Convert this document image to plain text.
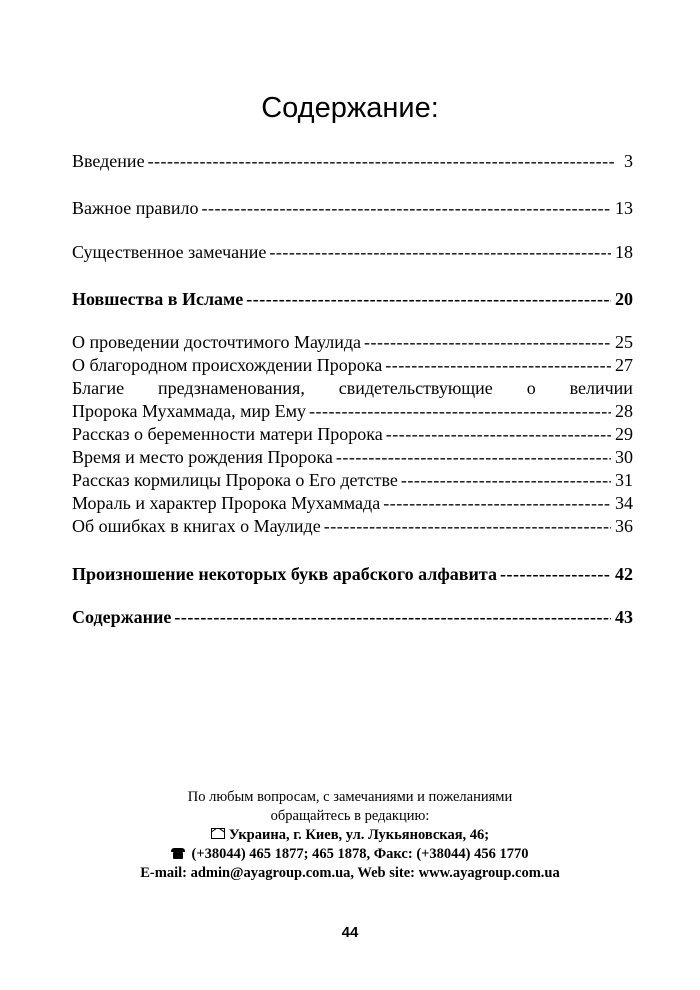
Содержание:
Введение -----	3
Важное правило -----	13
Существенное замечание -----	18
Новшества в Исламе -----	20
О проведении досточтимого Маулида -----	25
О благородном происхождении Пророка -----	27
Благие предзнаменования, свидетельствующие о величии
Пророка Мухаммада, мир Ему -----	28
Рассказ о беременности матери Пророка -----	29
Время и место рождения Пророка -----	30
Рассказ кормилицы Пророка о Его детстве -----	31
Мораль и характер Пророка Мухаммада -----	34
Об ошибках в книгах о Маулиде -----	36
Произношение некоторых букв арабского алфавита -----	42
Содержание -----	43
По любым вопросам, с замечаниями и пожеланиями
обращайтесь в редакцию:
Украина, г. Киев, ул. Лукьяновская, 46;
(+38044) 465 1877; 465 1878, Факс: (+38044) 456 1770
E-mail: admin@ayagroup.com.ua, Web site: www.ayagroup.com.ua
44
